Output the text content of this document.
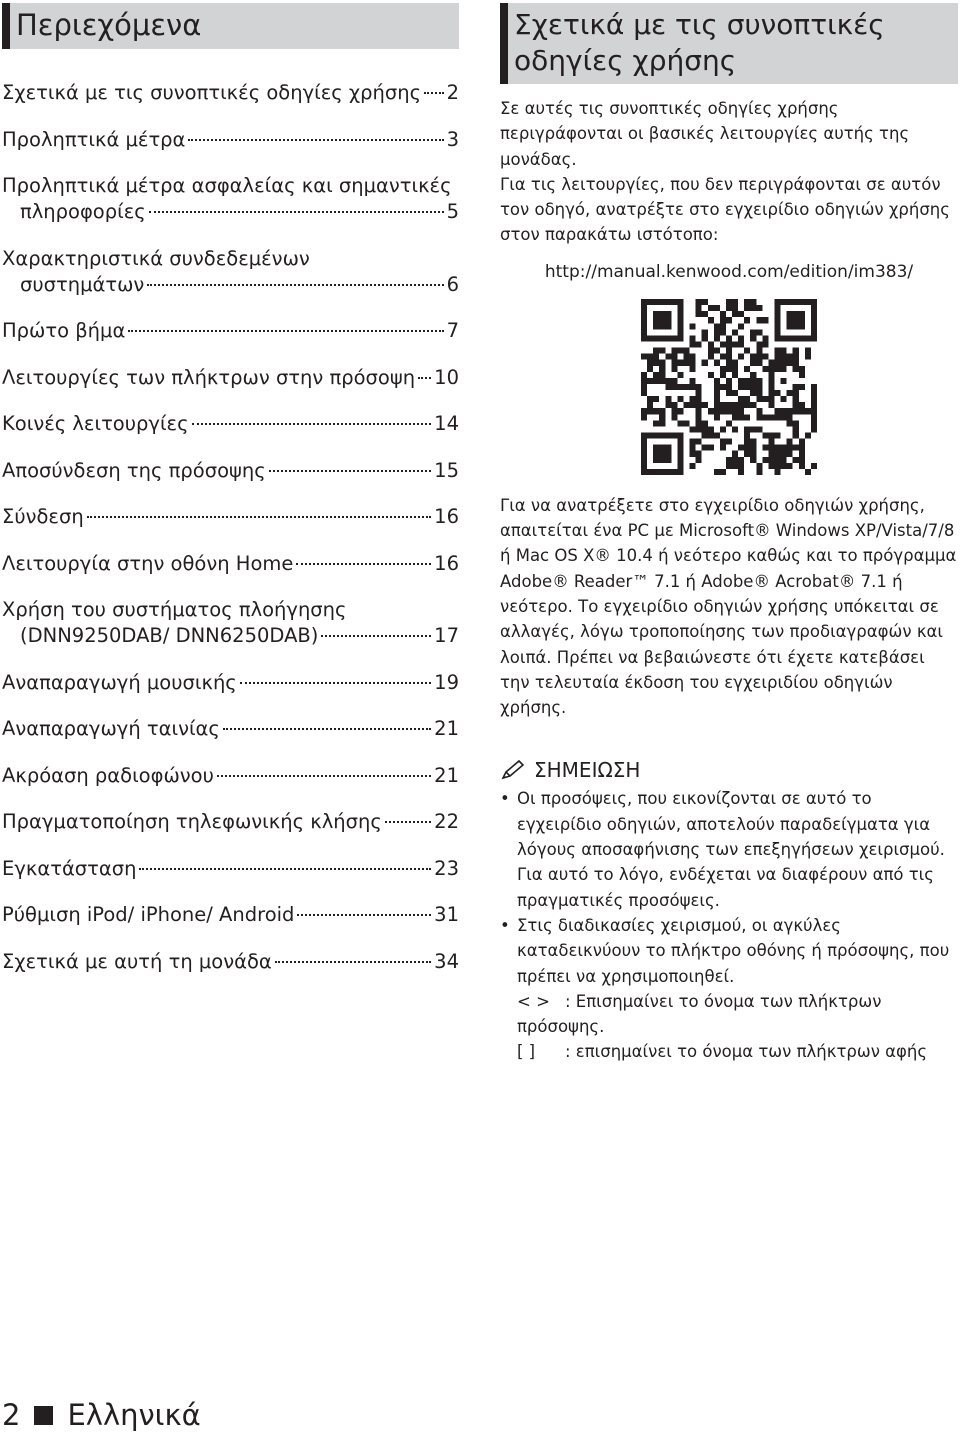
Περιεχόμενα
Σχετικά με τις συνοπτικές οδηγίες χρήσης 2
Προληπτικά μέτρα	3
Προληπτικά μέτρα ασφαλείας και σημαντικές
πληροφορίες	5
Χαρακτηριστικά συνδεδεμένων
συστημάτων	6
Πρώτο βήμα	7
Λειτουργίες των πλήκτρων στην πρόσοψη 10
Κοινές λειτουργίες	14
Αποσύνδεση της πρόσοψης	15
Σύνδεση	16
Λειτουργία στην οθόνη Home	16
Χρήση του συστήματος πλοήγησης
(DNN9250DAB/ DNN6250DAB)	17
Αναπαραγωγή μουσικής	19
Αναπαραγωγή ταινίας	21
Ακρόαση ραδιοφώνου	21
Πραγματοποίηση τηλεφωνικής κλήσης	22
Εγκατάσταση	23
Ρύθμιση iPod/ iPhone/ Android	31
Σχετικά με αυτή τη μονάδα	34
Σχετικά με τις συνοπτικές
οδηγίες χρήσης

Σε αυτές τις συνοπτικές οδηγίες χρήσης περιγράφονται οι βασικές λειτουργίες αυτής της μονάδας.

Για τις λειτουργίες, που δεν περιγράφονται σε αυτόν τον οδηγό, ανατρέξτε στο εγχειρίδιο οδηγιών χρήσης στον παρακάτω ιστότοπο:

http://manual.kenwood.com/edition/im383/

Για να ανατρέξετε στο εγχειρίδιο οδηγιών χρήσης, απαιτείται ένα PC με Microsoft® Windows XP/Vista/7/8 ή Mac OS X® 10.4 ή νεότερο καθώς και το πρόγραμμα Adobe® Reader™ 7.1 ή Adobe® Acrobat® 7.1 ή νεότερο. Το εγχειρίδιο οδηγιών χρήσης υπόκειται σε αλλαγές, λόγω τροποποίησης των προδιαγραφών και λοιπά. Πρέπει να βεβαιώνεστε ότι έχετε κατεβάσει την τελευταία έκδοση του εγχειριδίου οδηγιών χρήσης.

ΣΗΜΕΙΩΣΗ
• Οι προσόψεις, που εικονίζονται σε αυτό το εγχειρίδιο οδηγιών, αποτελούν παραδείγματα για λόγους αποσαφήνισης των επεξηγήσεων χειρισμού. Για αυτό το λόγο, ενδέχεται να διαφέρουν από τις πραγματικές προσόψεις.
• Στις διαδικασίες χειρισμού, οι αγκύλες καταδεικνύουν το πλήκτρο οθόνης ή πρόσοψης, που πρέπει να χρησιμοποιηθεί.
< > : Επισημαίνει το όνομα των πλήκτρων πρόσοψης.
[ ] : επισημαίνει το όνομα των πλήκτρων αφής
2 Ελληνικά
